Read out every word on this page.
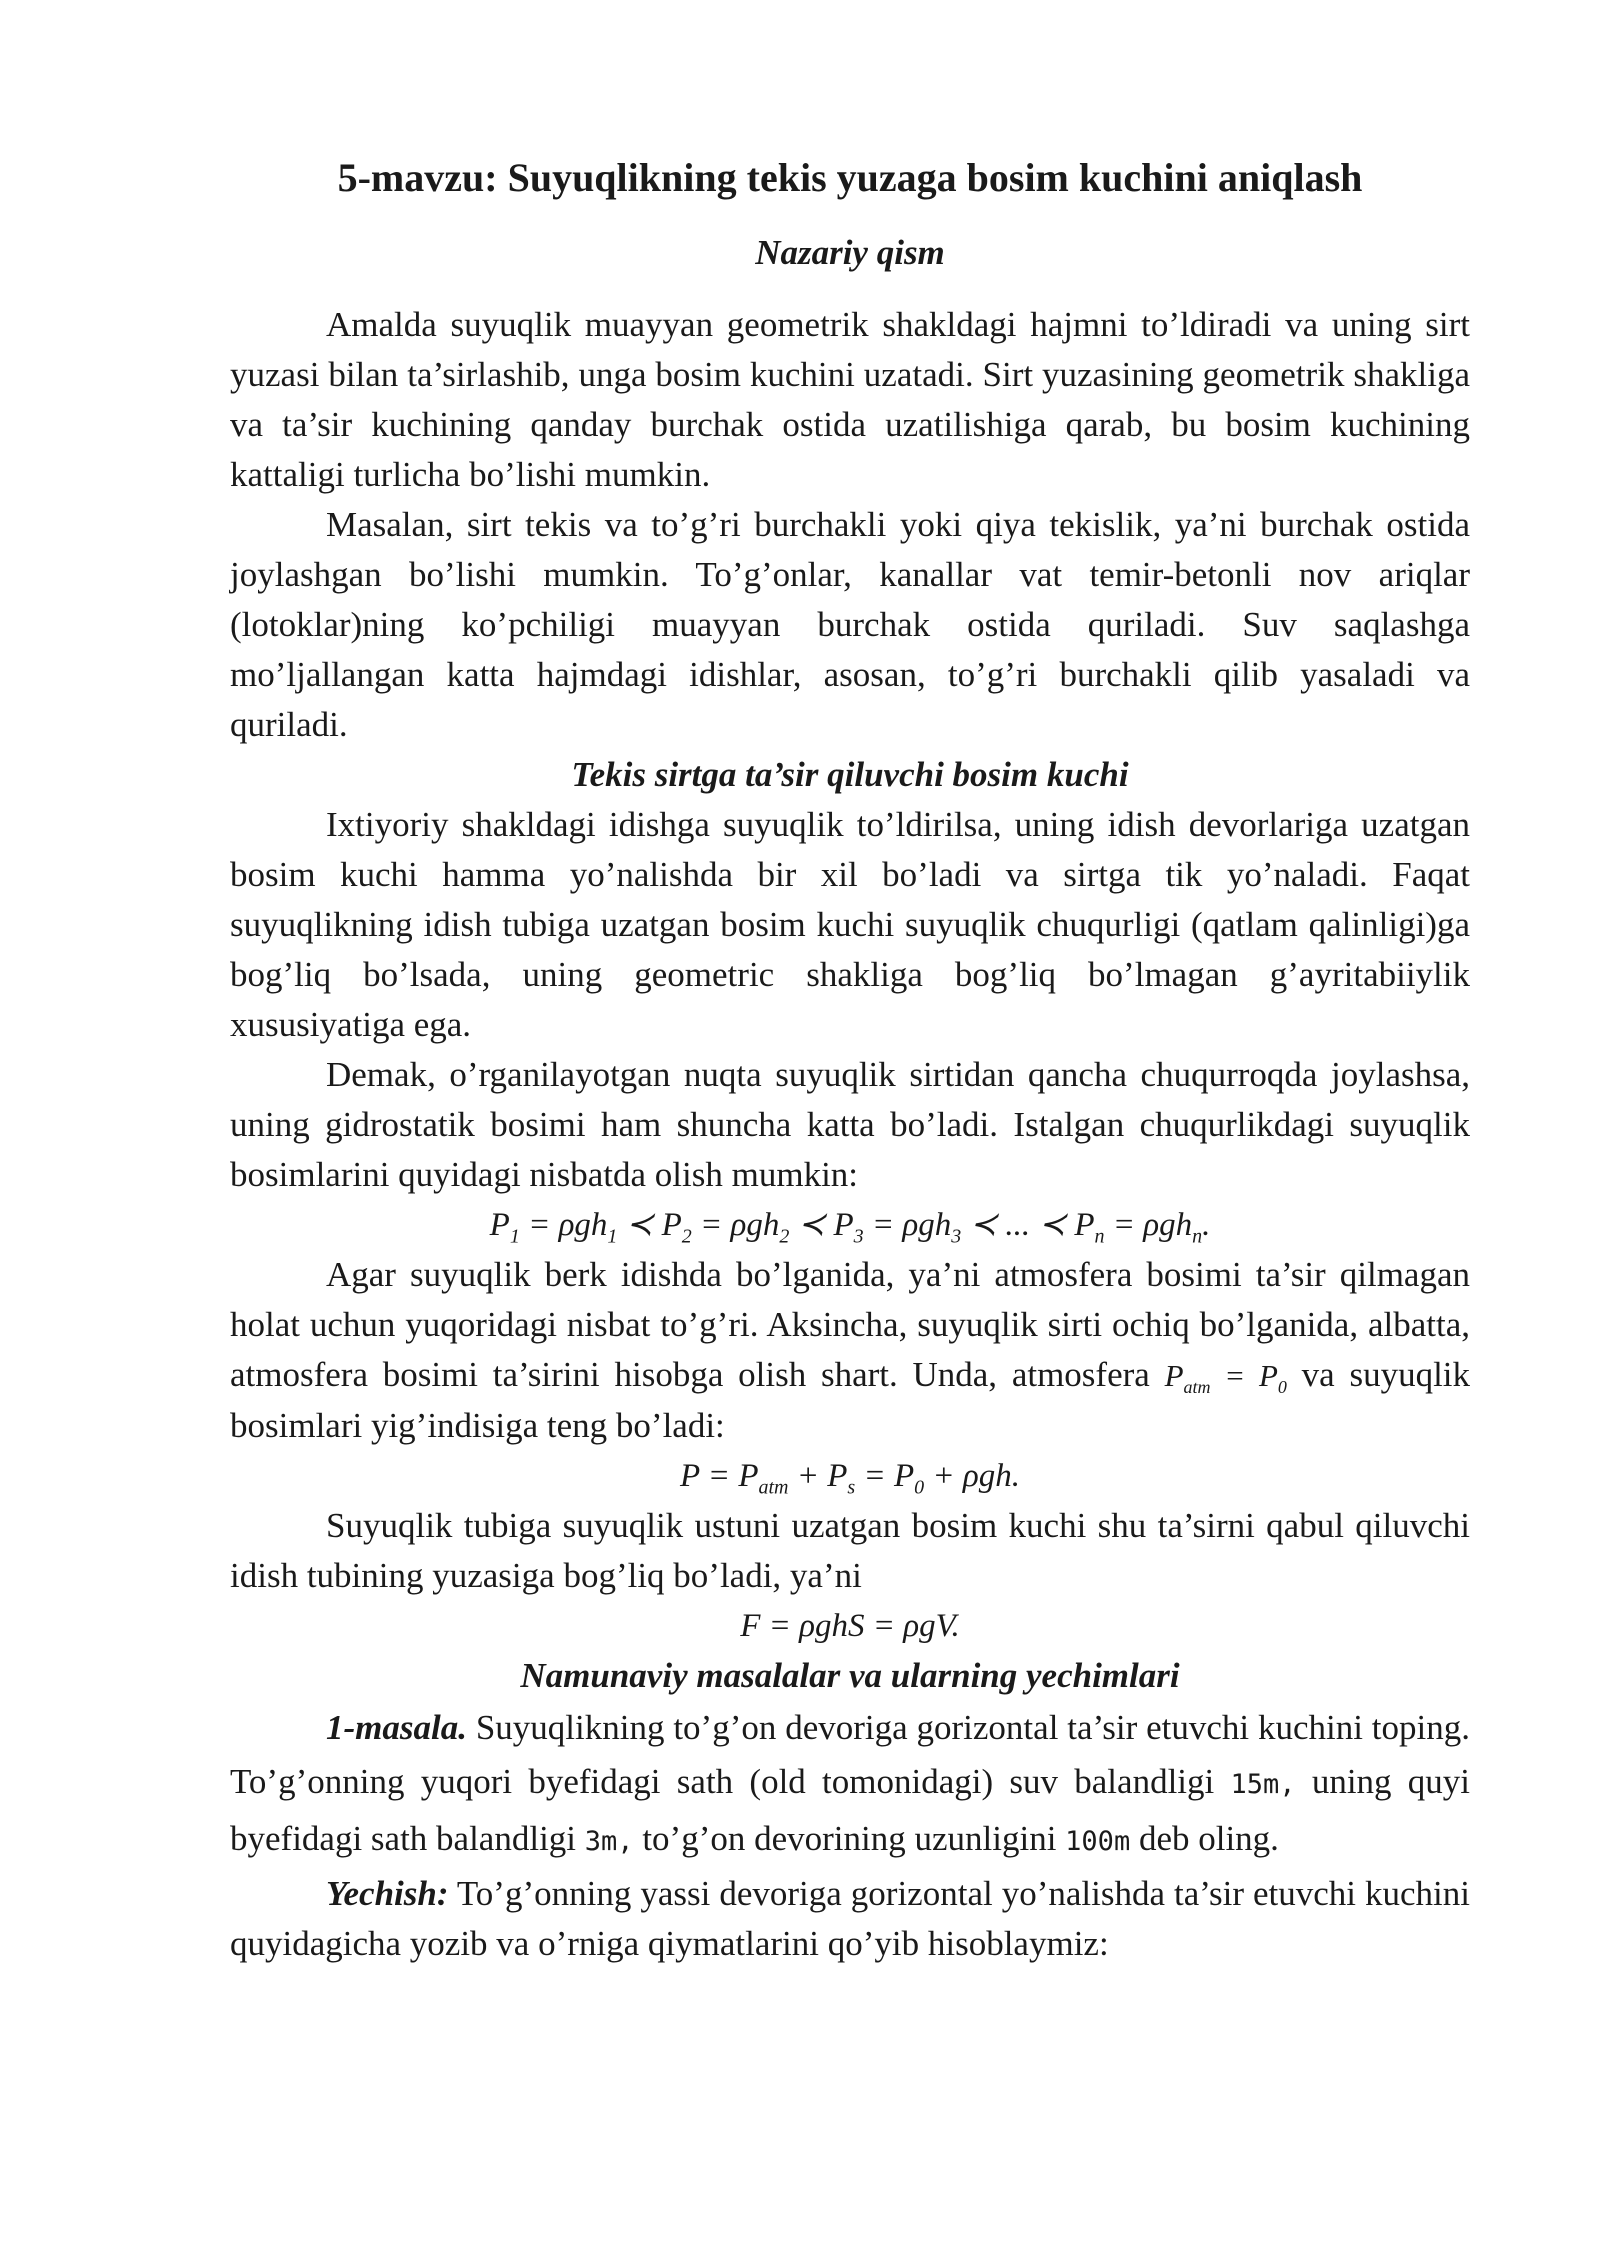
5-mavzu: Suyuqlikning tekis yuzaga bosim kuchini aniqlash
Nazariy qism

Amalda suyuqlik muayyan geometrik shakldagi hajmni to’ldiradi va uning sirt yuzasi bilan ta’sirlashib, unga bosim kuchini uzatadi. Sirt yuzasining geometrik shakliga va ta’sir kuchining qanday burchak ostida uzatilishiga qarab, bu bosim kuchining kattaligi turlicha bo’lishi mumkin.

Masalan, sirt tekis va to’g’ri burchakli yoki qiya tekislik, ya’ni burchak ostida joylashgan bo’lishi mumkin. To’g’onlar, kanallar vat temir-betonli nov ariqlar (lotoklar)ning ko’pchiligi muayyan burchak ostida quriladi. Suv saqlashga mo’ljallangan katta hajmdagi idishlar, asosan, to’g’ri burchakli qilib yasaladi va quriladi.

Tekis sirtga ta’sir qiluvchi bosim kuchi

Ixtiyoriy shakldagi idishga suyuqlik to’ldirilsa, uning idish devorlariga uzatgan bosim kuchi hamma yo’nalishda bir xil bo’ladi va sirtga tik yo’naladi. Faqat suyuqlikning idish tubiga uzatgan bosim kuchi suyuqlik chuqurligi (qatlam qalinligi)ga bog’liq bo’lsada, uning geometric shakliga bog’liq bo’lmagan g’ayritabiiylik xususiyatiga ega.

Demak, o’rganilayotgan nuqta suyuqlik sirtidan qancha chuqurroqda joylashsa, uning gidrostatik bosimi ham shuncha katta bo’ladi. Istalgan chuqurlikdagi suyuqlik bosimlarini quyidagi nisbatda olish mumkin:

$P_1 = \rho gh_1$ ≺ $P_2 = \rho gh_2$ ≺ $P_3 = \rho gh_3$ ≺ ... ≺ $P_n = \rho gh_n$.

Agar suyuqlik berk idishda bo’lganida, ya’ni atmosfera bosimi ta’sir qilmagan holat uchun yuqoridagi nisbat to’g’ri. Aksincha, suyuqlik sirti ochiq bo’lganida, albatta, atmosfera bosimi ta’sirini hisobga olish shart. Unda, atmosfera $P_{atm} = P_0$ va suyuqlik bosimlari yig’indisiga teng bo’ladi:

$P = P_{atm} + P_s = P_0 + \rho gh$.

Suyuqlik tubiga suyuqlik ustuni uzatgan bosim kuchi shu ta’sirni qabul qiluvchi idish tubining yuzasiga bog’liq bo’ladi, ya’ni

F = ρghS = ρgV.
Namunaviy masalalar va ularning yechimlari

1-masala. Suyuqlikning to’g’on devoriga gorizontal ta’sir etuvchi kuchini toping. To’g’onning yuqori byefidagi sath (old tomonidagi) suv balandligi 15m, uning quyi byefidagi sath balandligi 3m, to’g’on devorining uzunligini 100m deb oling.

Yechish: To’g’onning yassi devoriga gorizontal yo’nalishda ta’sir etuvchi kuchini quyidagicha yozib va o’rniga qiymatlarini qo’yib hisoblaymiz:
